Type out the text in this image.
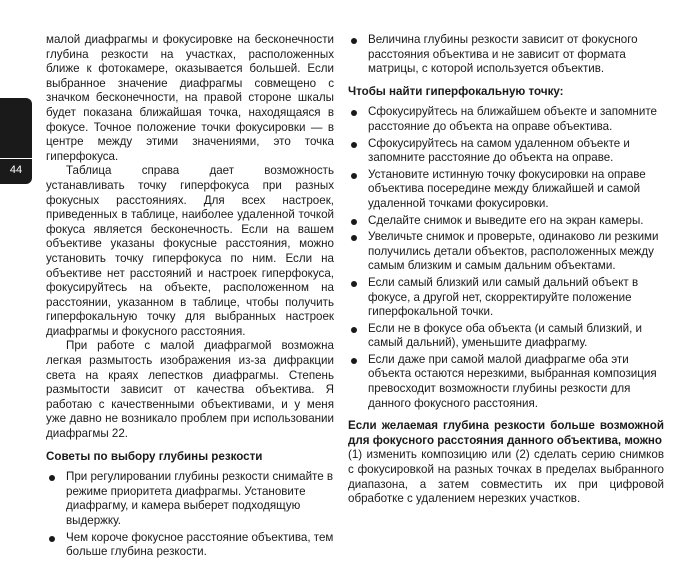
44

малой диафрагмы и фокусировке на бесконечности глубина резкости на участках, расположенных ближе к фотокамере, оказывается большей. Если выбранное значение диафрагмы совмещено с значком бесконечности, на правой стороне шкалы будет показана ближайшая точка, находящаяся в фокусе. Точное положение точки фокусировки — в центре между этими значениями, это точка гиперфокуса.

Таблица справа дает возможность устанавливать точку гиперфокуса при разных фокусных расстояниях. Для всех настроек, приведенных в таблице, наиболее удаленной точкой фокуса является бесконечность. Если на вашем объективе указаны фокусные расстояния, можно установить точку гиперфокуса по ним. Если на объективе нет расстояний и настроек гиперфокуса, фокусируйтесь на объекте, расположенном на расстоянии, указанном в таблице, чтобы получить гиперфокальную точку для выбранных настроек диафрагмы и фокусного расстояния.

При работе с малой диафрагмой возможна легкая размытость изображения из-за дифракции света на краях лепестков диафрагмы. Степень размытости зависит от качества объектива. Я работаю с качественными объективами, и у меня уже давно не возникало проблем при использовании диафрагмы 22.

Советы по выбору глубины резкости
При регулировании глубины резкости снимайте в режиме приоритета диафрагмы. Установите диафрагму, и камера выберет подходящую выдержку.
Чем короче фокусное расстояние объектива, тем больше глубина резкости.
Величина глубины резкости зависит от фокусного расстояния объектива и не зависит от формата матрицы, с которой используется объектив.
Чтобы найти гиперфокальную точку:
Сфокусируйтесь на ближайшем объекте и запомните расстояние до объекта на оправе объектива.
Сфокусируйтесь на самом удаленном объекте и запомните расстояние до объекта на оправе.
Установите истинную точку фокусировки на оправе объектива посередине между ближайшей и самой удаленной точками фокусировки.
Сделайте снимок и выведите его на экран камеры.
Увеличьте снимок и проверьте, одинаково ли резкими получились детали объектов, расположенных между самым близким и самым дальним объектами.
Если самый близкий или самый дальний объект в фокусе, а другой нет, скорректируйте положение гиперфокальной точки.
Если не в фокусе оба объекта (и самый близкий, и самый дальний), уменьшите диафрагму.
Если даже при самой малой диафрагме оба эти объекта остаются нерезкими, выбранная композиция превосходит возможности глубины резкости для данного фокусного расстояния.

Если желаемая глубина резкости больше возможной для фокусного расстояния данного объектива, можно

(1) изменить композицию или (2) сделать серию снимков с фокусировкой на разных точках в пределах выбранного диапазона, а затем совместить их при цифровой обработке с удалением нерезких участков.
